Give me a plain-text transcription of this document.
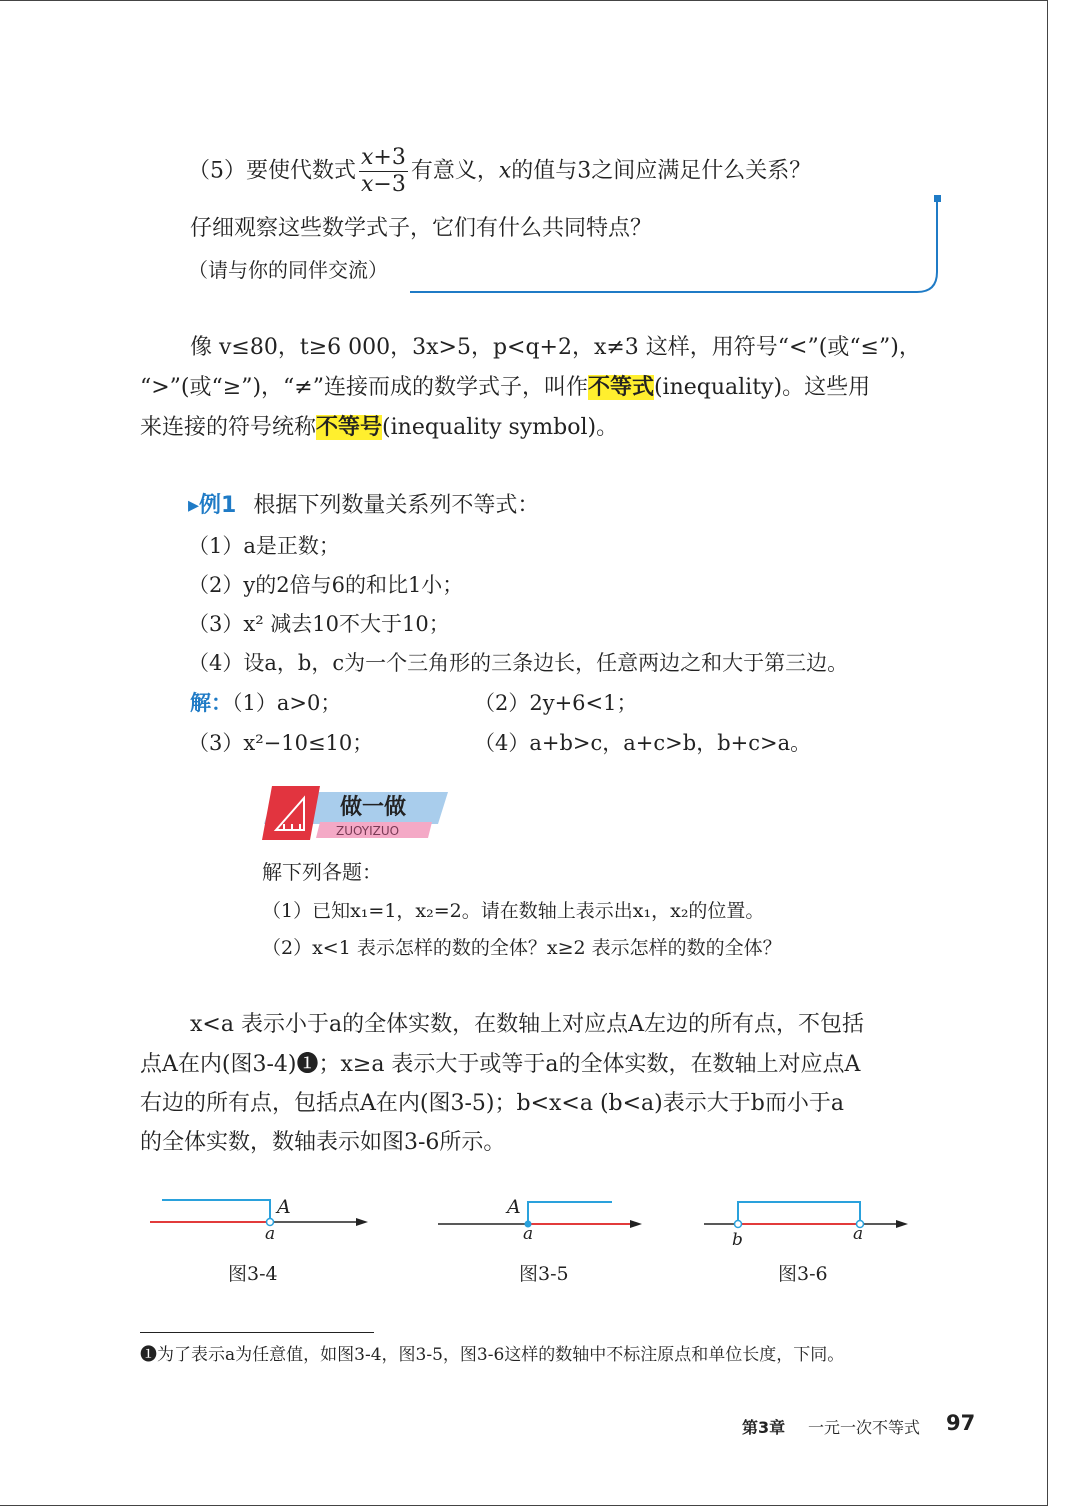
（5）要使代数式 $\frac{x+3}{x-3}$ 有意义，x的值与3之间应满足什么关系？
仔细观察这些数学式子，它们有什么共同特点？
（请与你的同伴交流）
像 v≤80，t≥6 000，3x>5，p<q+2，x≠3 这样，用符号“<”(或“≤”)，
“>”(或“≥”)，“≠”连接而成的数学式子，叫作不等式(inequality)。这些用
来连接的符号统称不等号(inequality symbol)。
▸例1 根据下列数量关系列不等式：
（1）a是正数；
（2）y的2倍与6的和比1小；
（3）x² 减去10不大于10；
（4）设a，b，c为一个三角形的三条边长，任意两边之和大于第三边。
解：（1）a>0；	（2）2y+6<1；
（3）x²−10≤10；	（4）a+b>c，a+c>b，b+c>a。
做一做
ZUOYIZUO
解下列各题：
（1）已知x₁=1，x₂=2。请在数轴上表示出x₁，x₂的位置。
（2）x<1 表示怎样的数的全体？x≥2 表示怎样的数的全体？
x<a 表示小于a的全体实数，在数轴上对应点A左边的所有点，不包括
点A在内(图3-4)❶；x≥a 表示大于或等于a的全体实数，在数轴上对应点A
右边的所有点，包括点A在内(图3-5)；b<x<a (b<a)表示大于b而小于a
的全体实数，数轴表示如图3-6所示。
A
a
图3-4
A
a
图3-5
b	a
图3-6
❶为了表示a为任意值，如图3-4，图3-5，图3-6这样的数轴中不标注原点和单位长度，下同。
第3章 一元一次不等式 97
